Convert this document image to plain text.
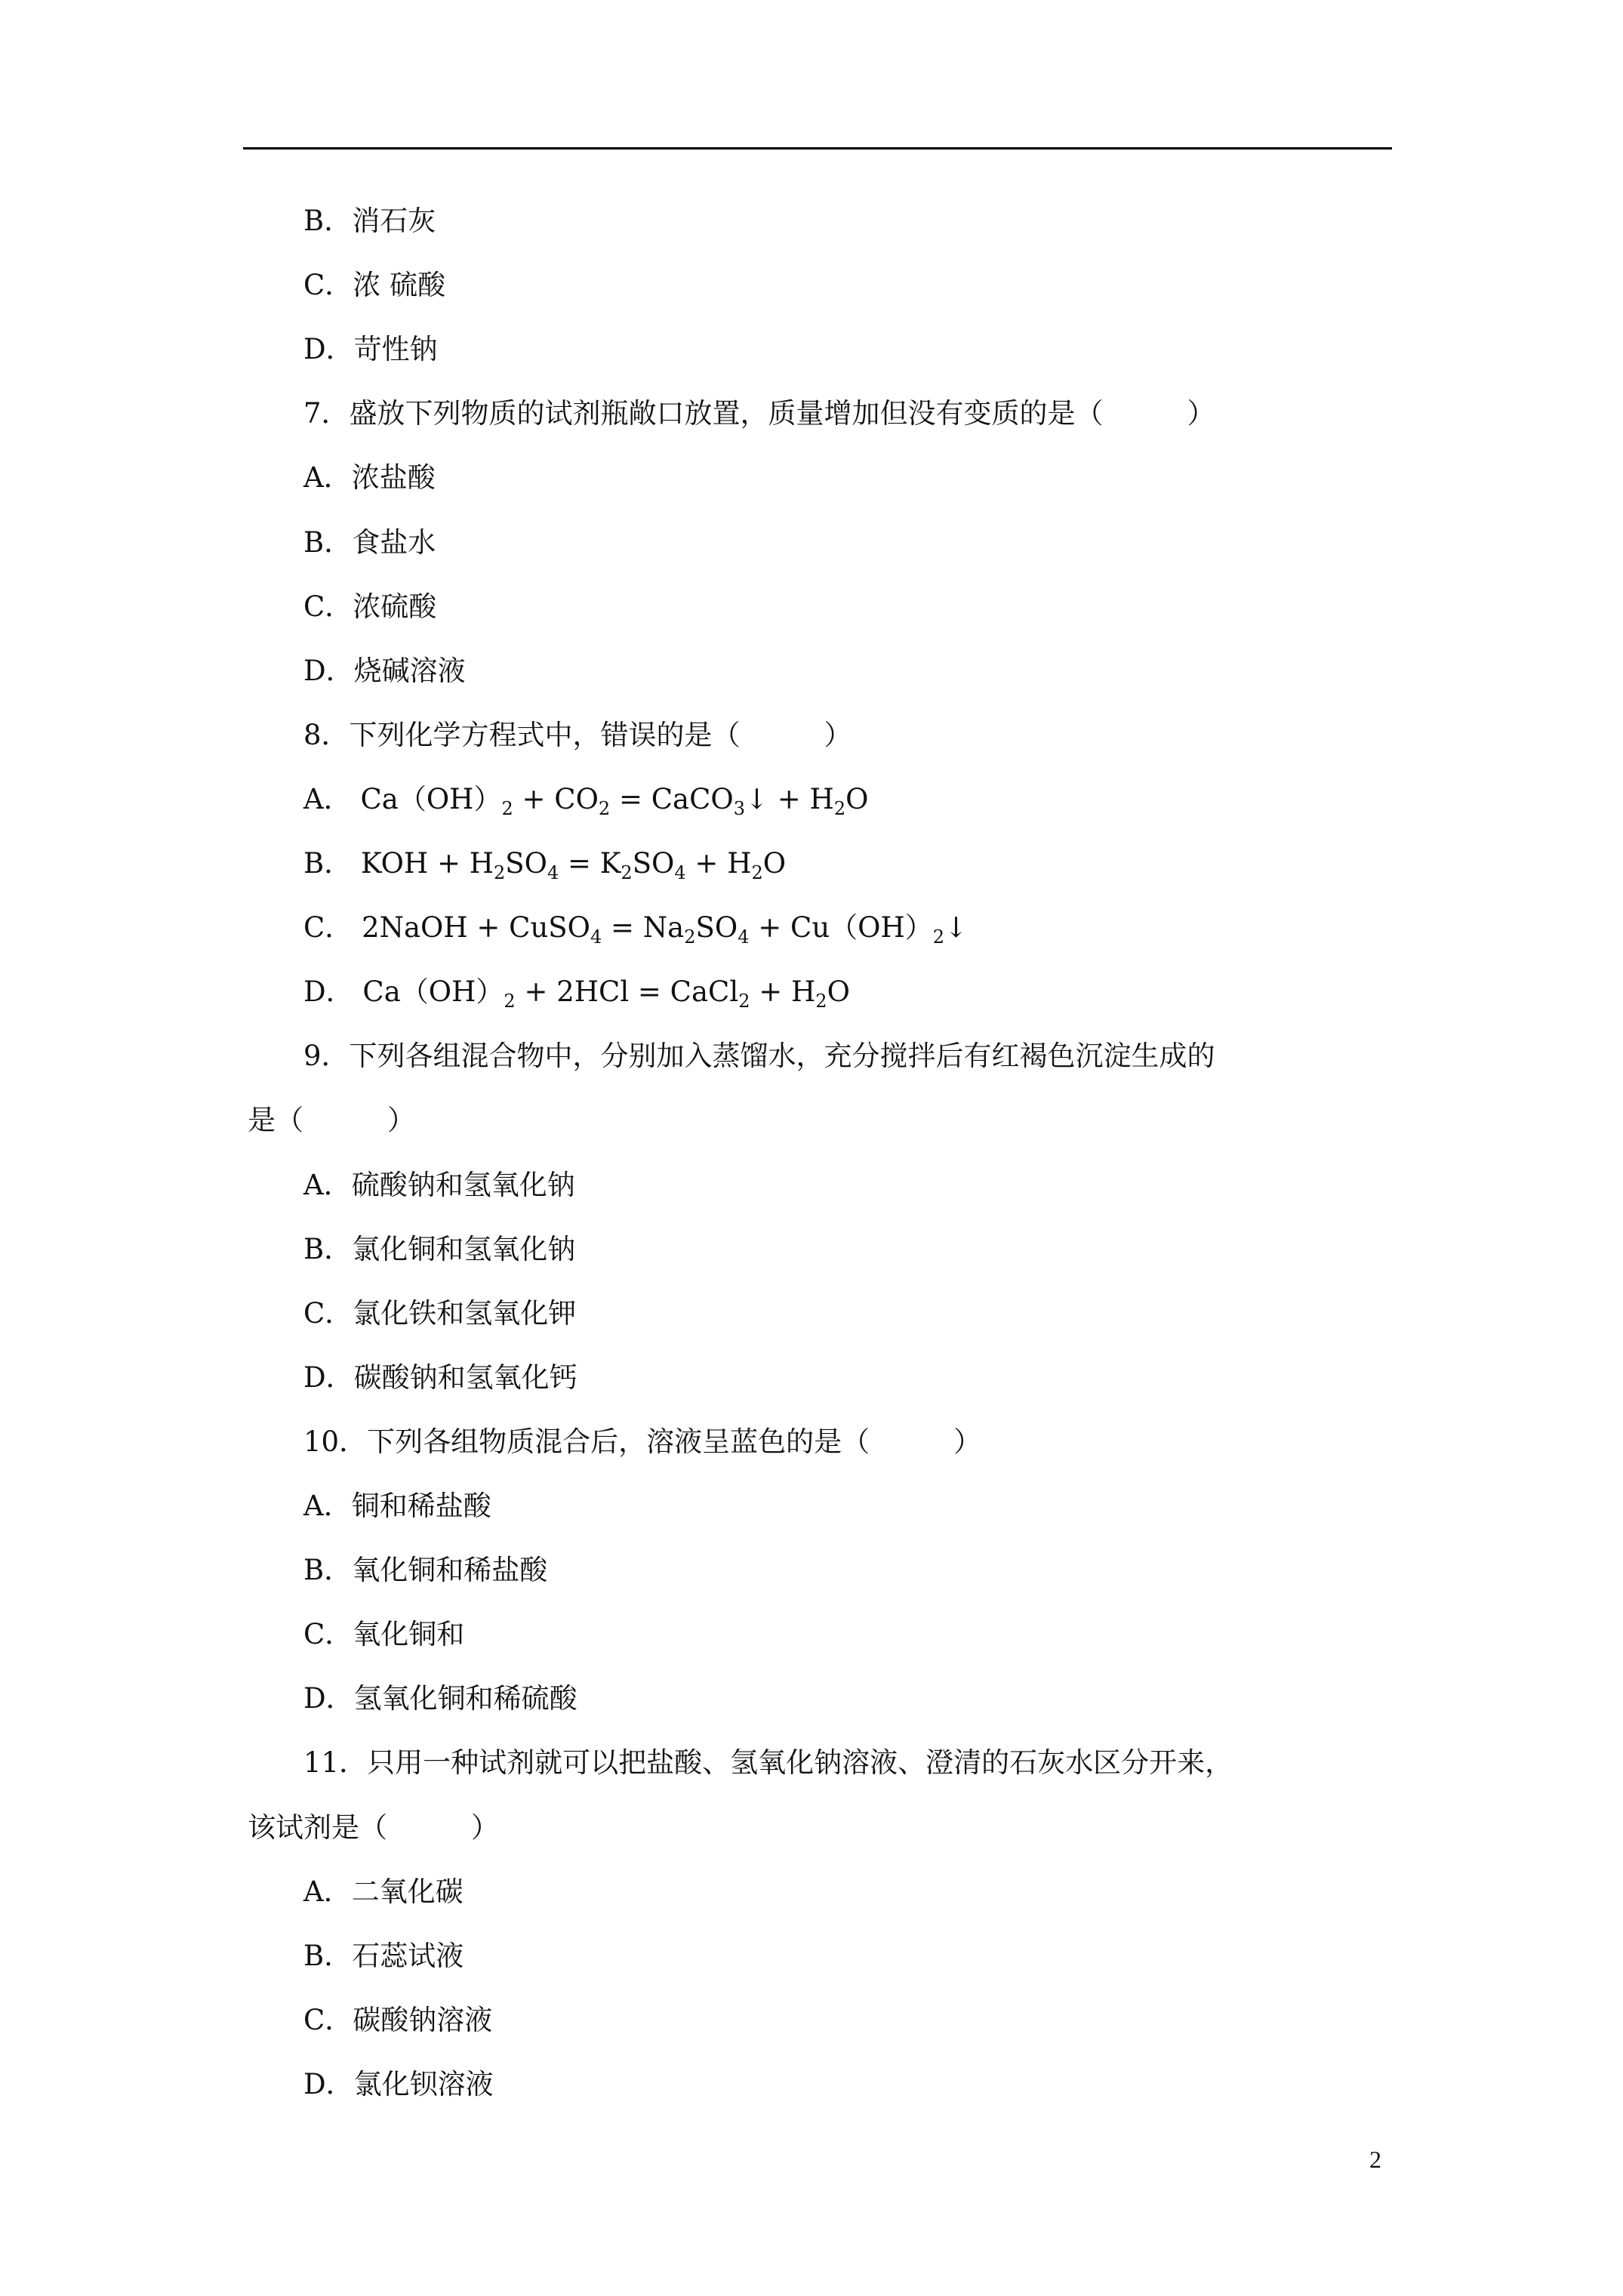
B．消石灰
C．浓 硫酸
D．苛性钠
7．盛放下列物质的试剂瓶敞口放置，质量增加但没有变质的是（　　　）
A．浓盐酸
B．食盐水
C．浓硫酸
D．烧碱溶液
8．下列化学方程式中，错误的是（　　　）
A． $Ca(OH)_2 + CO_2$ = CaCO$_3$↓ + $H_2O$
B． KOH + $H_2SO_4 = K_2SO_4 + H_2O$
C． 2NaOH + CuSO$_4$ = $Na_2SO_4$ + $Cu(OH)_2↓$
D． $Ca(OH)_2 + 2HCl$ = CaCl$_2$ + $H_2O$
9．下列各组混合物中，分别加入蒸馏水，充分搅拌后有红褐色沉淀生成的
是（　　　）
A．硫酸钠和氢氧化钠
B．氯化铜和氢氧化钠
C．氯化铁和氢氧化钾
D．碳酸钠和氢氧化钙
10．下列各组物质混合后，溶液呈蓝色的是（　　　）
A．铜和稀盐酸
B．氧化铜和稀盐酸
C．氧化铜和
D．氢氧化铜和稀硫酸
11．只用一种试剂就可以把盐酸、氢氧化钠溶液、澄清的石灰水区分开来，
该试剂是（　　　）
A．二氧化碳
B．石蕊试液
C．碳酸钠溶液
D．氯化钡溶液
2
